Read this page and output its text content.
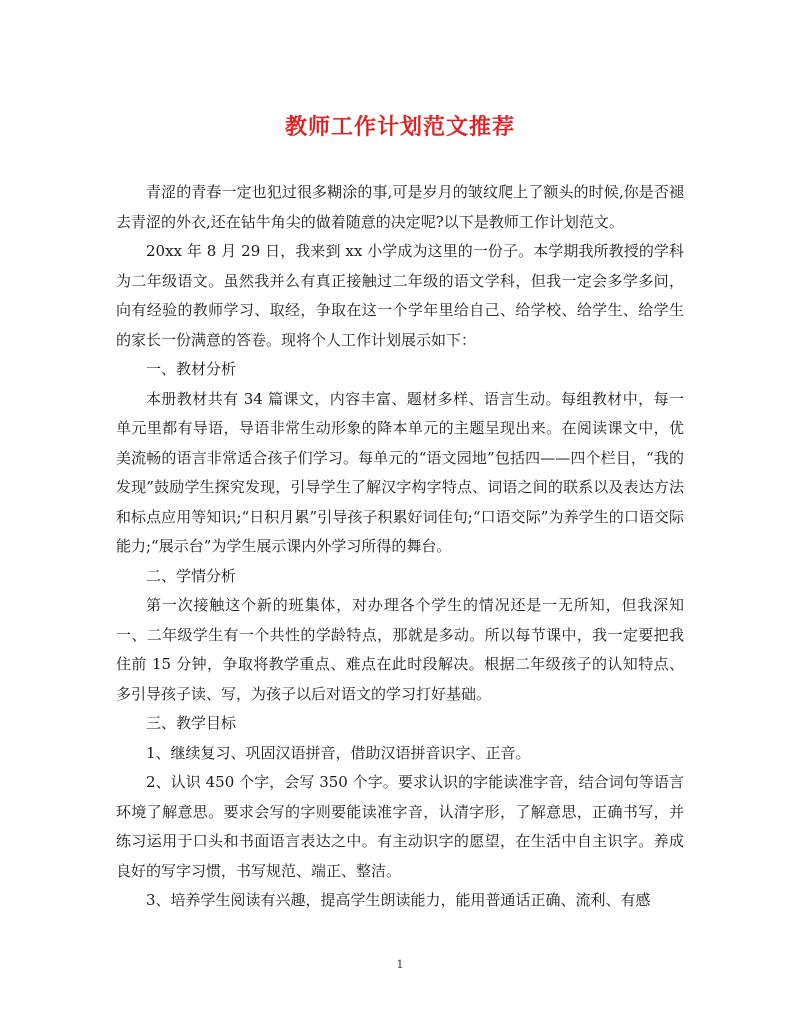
教师工作计划范文推荐

青涩的青春一定也犯过很多糊涂的事,可是岁月的皱纹爬上了额头的时候,你是否褪去青涩的外衣,还在钻牛角尖的做着随意的决定呢?以下是教师工作计划范文。

20xx 年 8 月 29 日，我来到 xx 小学成为这里的一份子。本学期我所教授的学科为二年级语文。虽然我并么有真正接触过二年级的语文学科，但我一定会多学多问，向有经验的教师学习、取经，争取在这一个学年里给自己、给学校、给学生、给学生的家长一份满意的答卷。现将个人工作计划展示如下：

一、教材分析

本册教材共有 34 篇课文，内容丰富、题材多样、语言生动。每组教材中，每一单元里都有导语，导语非常生动形象的降本单元的主题呈现出来。在阅读课文中，优美流畅的语言非常适合孩子们学习。每单元的“语文园地”包括四——四个栏目，“我的发现”鼓励学生探究发现，引导学生了解汉字构字特点、词语之间的联系以及表达方法和标点应用等知识;“日积月累”引导孩子积累好词佳句;“口语交际”为养学生的口语交际能力;“展示台”为学生展示课内外学习所得的舞台。

二、学情分析

第一次接触这个新的班集体，对办理各个学生的情况还是一无所知，但我深知一、二年级学生有一个共性的学龄特点，那就是多动。所以每节课中，我一定要把我住前 15 分钟，争取将教学重点、难点在此时段解决。根据二年级孩子的认知特点、多引导孩子读、写，为孩子以后对语文的学习打好基础。

三、教学目标

1、继续复习、巩固汉语拼音，借助汉语拼音识字、正音。

2、认识 450 个字，会写 350 个字。要求认识的字能读准字音，结合词句等语言环境了解意思。要求会写的字则要能读准字音，认清字形，了解意思，正确书写，并练习运用于口头和书面语言表达之中。有主动识字的愿望，在生活中自主识字。养成良好的写字习惯，书写规范、端正、整洁。

3、培养学生阅读有兴趣，提高学生朗读能力，能用普通话正确、流利、有感

1
